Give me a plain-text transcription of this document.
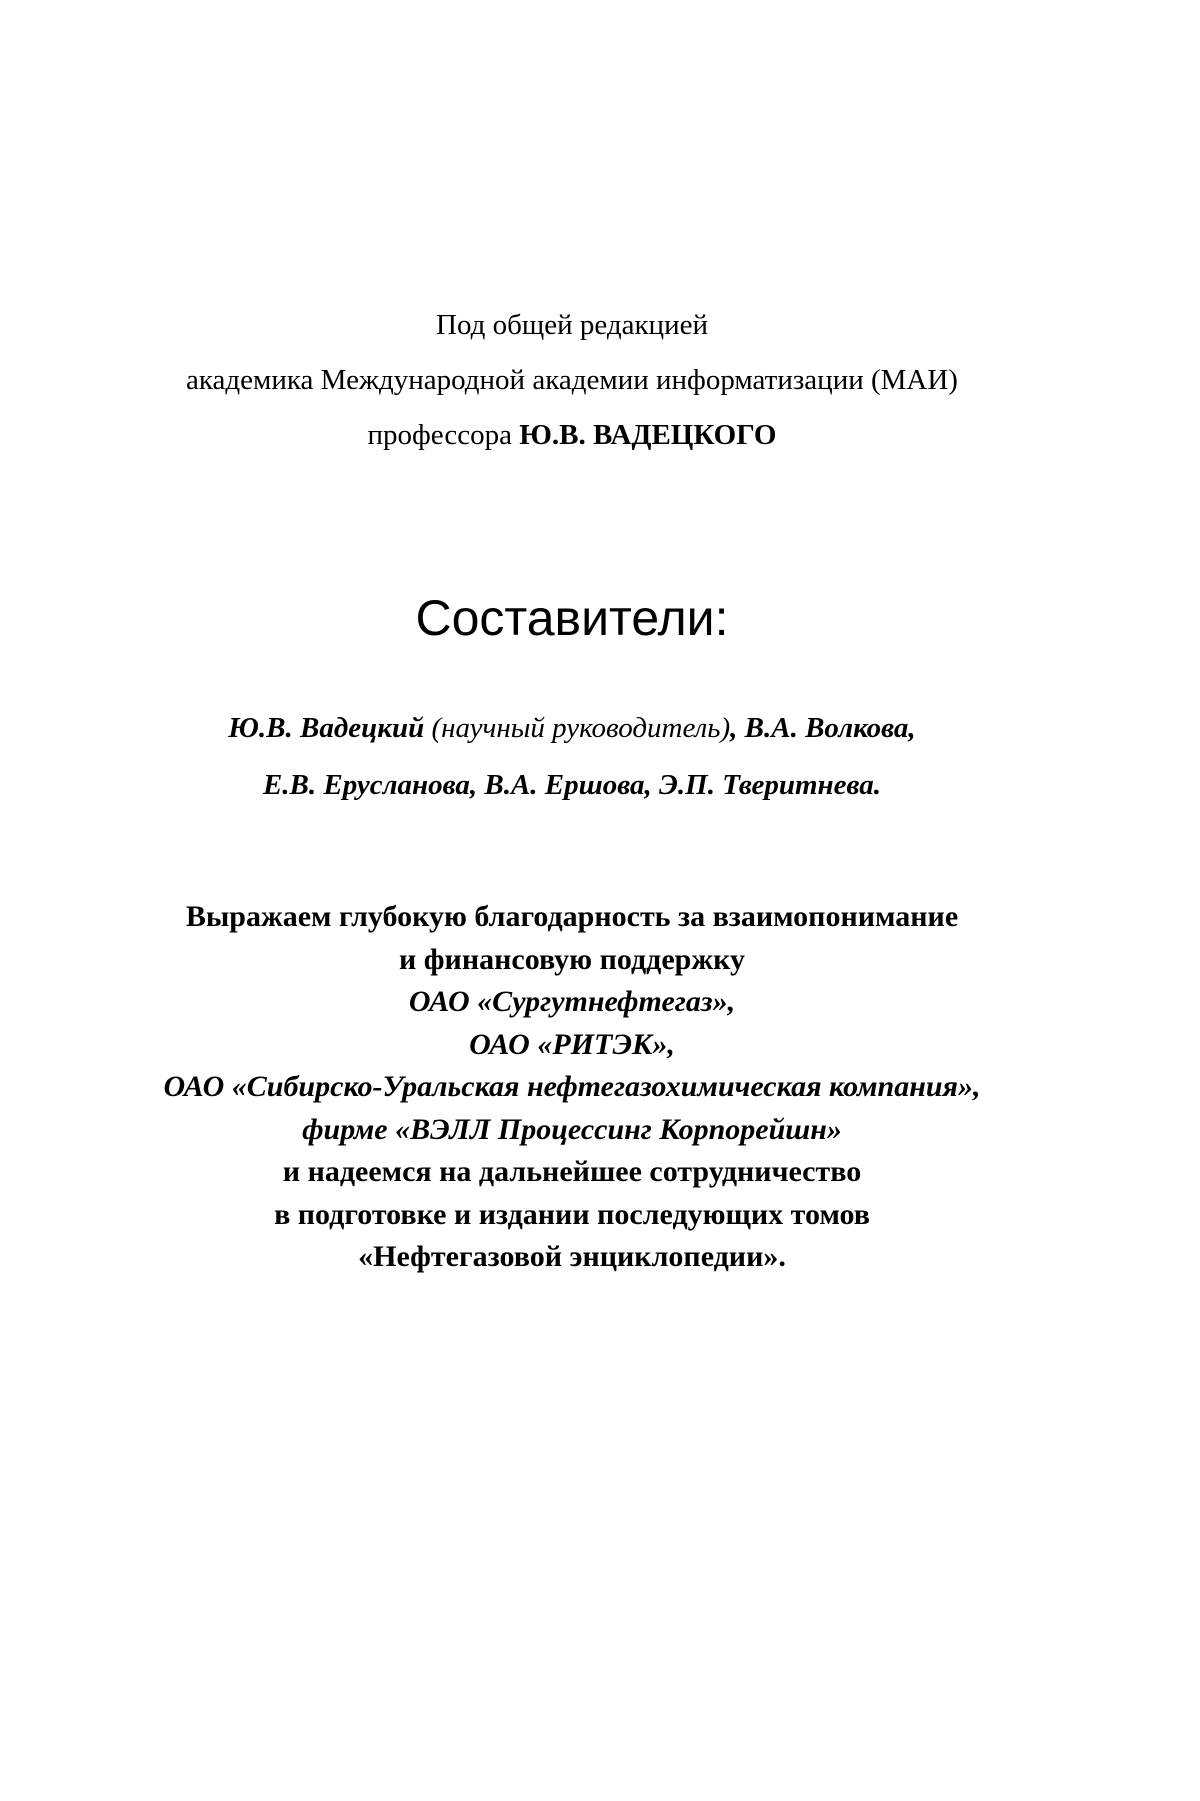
Под общей редакцией
академика Международной академии информатизации (МАИ)
профессора Ю.В. ВАДЕЦКОГО
Составители:
Ю.В. Вадецкий (научный руководитель), В.А. Волкова,
Е.В. Еруcланова, В.А. Ершова, Э.П. Тверитнева.
Выражаем глубокую благодарность за взаимопонимание
и финансовую поддержку
ОАО «Сургутнефтегаз»,
ОАО «РИТЭК»,
ОАО «Сибирско-Уральская нефтегазохимическая компания»,
фирме «ВЭЛЛ Процессинг Корпорейшн»
и надеемся на дальнейшее сотрудничество
в подготовке и издании последующих томов
«Нефтегазовой энциклопедии».
